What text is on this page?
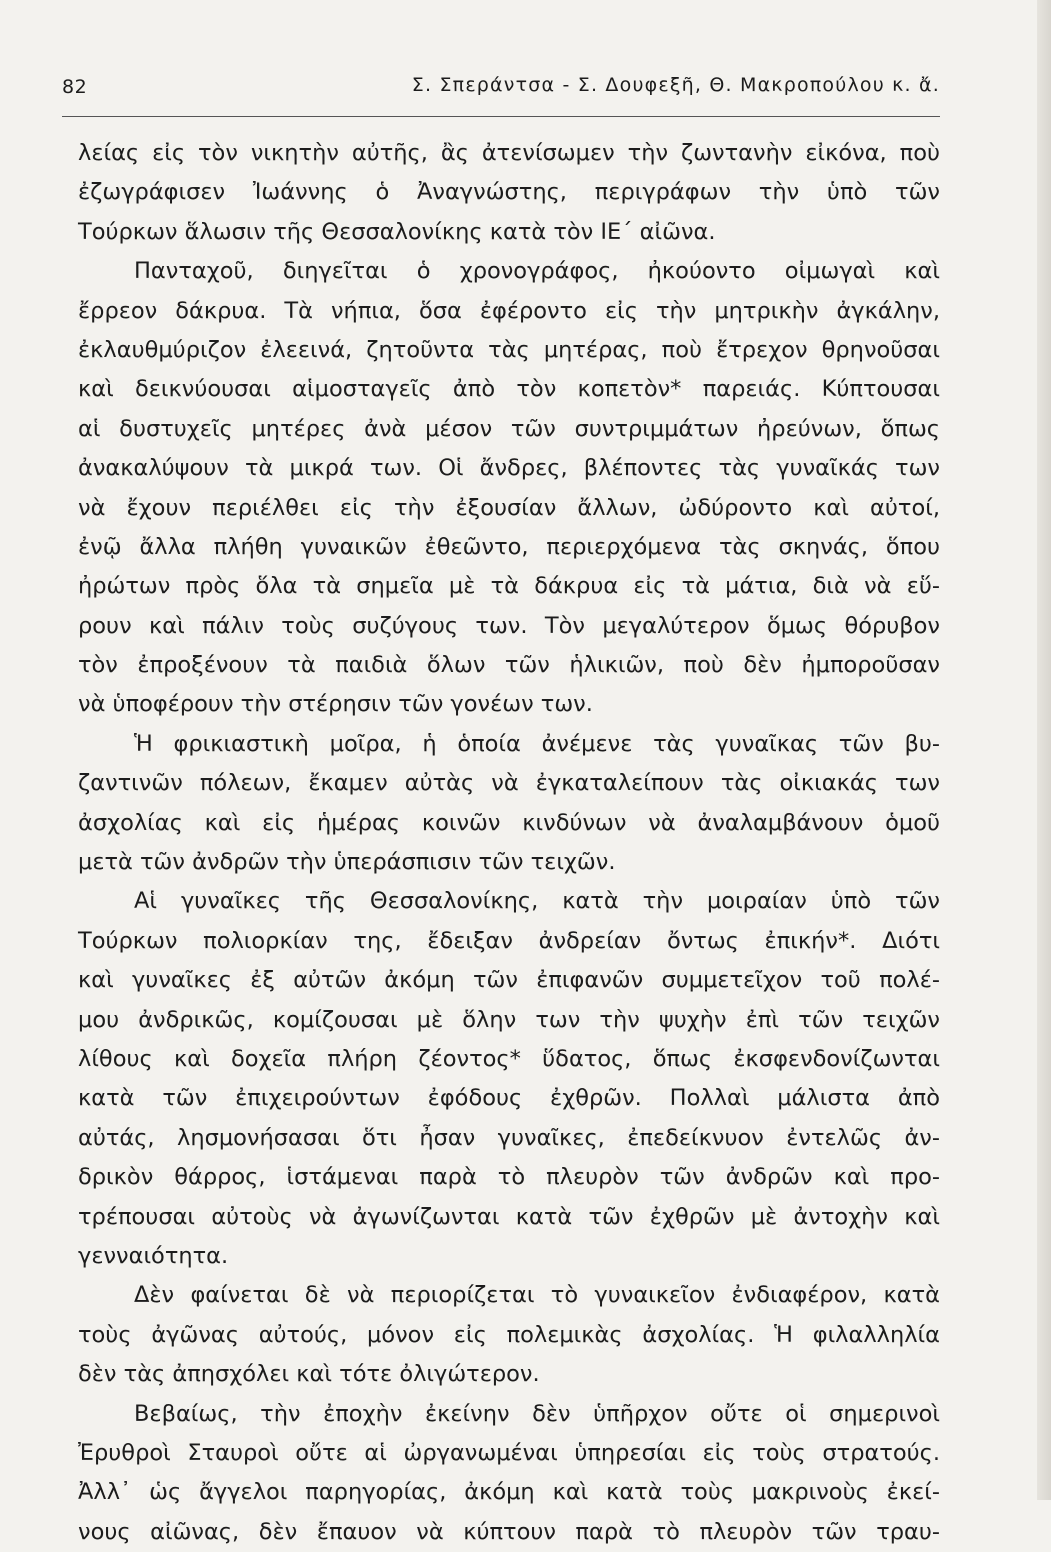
82	Σ. Σπεράντσα - Σ. Δουφεξῆ, Θ. Μακροπούλου κ. ἄ.
λείας εἰς τὸν νικητὴν αὐτῆς, ἂς ἀτενίσωμεν τὴν ζωντανὴν εἰκόνα, ποὺ
ἐζωγράφισεν Ἰωάννης ὁ Ἀναγνώστης, περιγράφων τὴν ὑπὸ τῶν
Τούρκων ἅλωσιν τῆς Θεσσαλονίκης κατὰ τὸν ΙΕ΄ αἰῶνα.
Πανταχοῦ, διηγεῖται ὁ χρονογράφος, ἠκούοντο οἰμωγαὶ καὶ
ἔρρεον δάκρυα. Τὰ νήπια, ὅσα ἐφέροντο εἰς τὴν μητρικὴν ἀγκάλην,
ἐκλαυθμύριζον ἐλεεινά, ζητοῦντα τὰς μητέρας, ποὺ ἔτρεχον θρηνοῦσαι
καὶ δεικνύουσαι αἱμοσταγεῖς ἀπὸ τὸν κοπετὸν* παρειάς. Κύπτουσαι
αἱ δυστυχεῖς μητέρες ἀνὰ μέσον τῶν συντριμμάτων ἠρεύνων, ὅπως
ἀνακαλύψουν τὰ μικρά των. Οἱ ἄνδρες, βλέποντες τὰς γυναῖκάς των
νὰ ἔχουν περιέλθει εἰς τὴν ἐξουσίαν ἄλλων, ὠδύροντο καὶ αὐτοί,
ἐνῷ ἄλλα πλήθη γυναικῶν ἐθεῶντο, περιερχόμενα τὰς σκηνάς, ὅπου
ἠρώτων πρὸς ὅλα τὰ σημεῖα μὲ τὰ δάκρυα εἰς τὰ μάτια, διὰ νὰ εὕ-
ρουν καὶ πάλιν τοὺς συζύγους των. Τὸν μεγαλύτερον ὅμως θόρυβον
τὸν ἐπροξένουν τὰ παιδιὰ ὅλων τῶν ἡλικιῶν, ποὺ δὲν ἠμποροῦσαν
νὰ ὑποφέρουν τὴν στέρησιν τῶν γονέων των.
Ἡ φρικιαστικὴ μοῖρα, ἡ ὁποία ἀνέμενε τὰς γυναῖκας τῶν βυ-
ζαντινῶν πόλεων, ἔκαμεν αὐτὰς νὰ ἐγκαταλείπουν τὰς οἰκιακάς των
ἀσχολίας καὶ εἰς ἡμέρας κοινῶν κινδύνων νὰ ἀναλαμβάνουν ὁμοῦ
μετὰ τῶν ἀνδρῶν τὴν ὑπεράσπισιν τῶν τειχῶν.
Αἱ γυναῖκες τῆς Θεσσαλονίκης, κατὰ τὴν μοιραίαν ὑπὸ τῶν
Τούρκων πολιορκίαν της, ἔδειξαν ἀνδρείαν ὄντως ἐπικήν*. Διότι
καὶ γυναῖκες ἐξ αὐτῶν ἀκόμη τῶν ἐπιφανῶν συμμετεῖχον τοῦ πολέ-
μου ἀνδρικῶς, κομίζουσαι μὲ ὅλην των τὴν ψυχὴν ἐπὶ τῶν τειχῶν
λίθους καὶ δοχεῖα πλήρη ζέοντος* ὕδατος, ὅπως ἐκσφενδονίζωνται
κατὰ τῶν ἐπιχειρούντων ἐφόδους ἐχθρῶν. Πολλαὶ μάλιστα ἀπὸ
αὐτάς, λησμονήσασαι ὅτι ἦσαν γυναῖκες, ἐπεδείκνυον ἐντελῶς ἀν-
δρικὸν θάρρος, ἱστάμεναι παρὰ τὸ πλευρὸν τῶν ἀνδρῶν καὶ προ-
τρέπουσαι αὐτοὺς νὰ ἀγωνίζωνται κατὰ τῶν ἐχθρῶν μὲ ἀντοχὴν καὶ
γενναιότητα.
Δὲν φαίνεται δὲ νὰ περιορίζεται τὸ γυναικεῖον ἐνδιαφέρον, κατὰ
τοὺς ἀγῶνας αὐτούς, μόνον εἰς πολεμικὰς ἀσχολίας. Ἡ φιλαλληλία
δὲν τὰς ἀπησχόλει καὶ τότε ὀλιγώτερον.
Βεβαίως, τὴν ἐποχὴν ἐκείνην δὲν ὑπῆρχον οὔτε οἱ σημερινοὶ
Ἐρυθροὶ Σταυροὶ οὔτε αἱ ὠργανωμέναι ὑπηρεσίαι εἰς τοὺς στρατούς.
Ἀλλ᾽ ὡς ἄγγελοι παρηγορίας, ἀκόμη καὶ κατὰ τοὺς μακρινοὺς ἐκεί-
νους αἰῶνας, δὲν ἔπαυον νὰ κύπτουν παρὰ τὸ πλευρὸν τῶν τραυ-
